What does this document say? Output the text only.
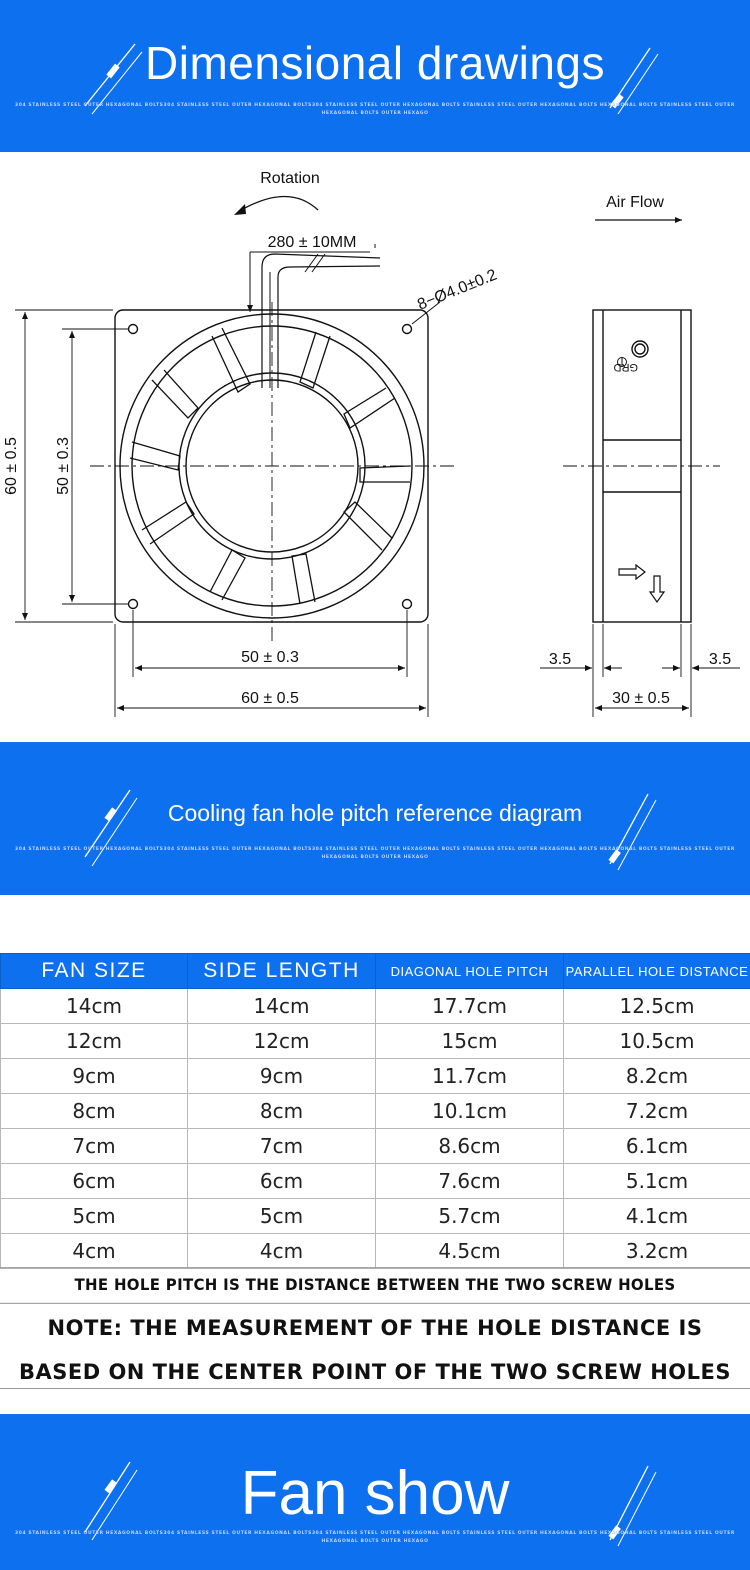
Dimensional drawings
304 STAINLESS STEEL OUTER HEXAGONAL BOLTS304 STAINLESS STEEL OUTER HEXAGONAL BOLTS304 STAINLESS STEEL OUTER HEXAGONAL BOLTS STAINLESS STEEL OUTER HEXAGONAL BOLTS HEXAGONAL BOLTS STAINLESS STEEL OUTER HEXAGONAL BOLTS OUTER HEXAGO
Rotation
280 ± 10MM
8−Ø4.0±0.2
60 ± 0.5 50 ± 0.3
50 ± 0.3
60 ± 0.5
GRD
Air Flow
3.5	3.5
30 ± 0.5
Cooling fan hole pitch reference diagram
304 STAINLESS STEEL OUTER HEXAGONAL BOLTS304 STAINLESS STEEL OUTER HEXAGONAL BOLTS304 STAINLESS STEEL OUTER HEXAGONAL BOLTS STAINLESS STEEL OUTER HEXAGONAL BOLTS HEXAGONAL BOLTS STAINLESS STEEL OUTER HEXAGONAL BOLTS OUTER HEXAGO
FAN SIZE	SIDE LENGTH	DIAGONAL HOLE PITCH	PARALLEL HOLE DISTANCE
14cm	14cm	17.7cm	12.5cm
12cm	12cm	15cm	10.5cm
9cm	9cm	11.7cm	8.2cm
8cm	8cm	10.1cm	7.2cm
7cm	7cm	8.6cm	6.1cm
6cm	6cm	7.6cm	5.1cm
5cm	5cm	5.7cm	4.1cm
4cm	4cm	4.5cm	3.2cm
THE HOLE PITCH IS THE DISTANCE BETWEEN THE TWO SCREW HOLES
NOTE: THE MEASUREMENT OF THE HOLE DISTANCE IS
BASED ON THE CENTER POINT OF THE TWO SCREW HOLES
Fan show
304 STAINLESS STEEL OUTER HEXAGONAL BOLTS304 STAINLESS STEEL OUTER HEXAGONAL BOLTS304 STAINLESS STEEL OUTER HEXAGONAL BOLTS STAINLESS STEEL OUTER HEXAGONAL BOLTS HEXAGONAL BOLTS STAINLESS STEEL OUTER HEXAGONAL BOLTS OUTER HEXAGO
